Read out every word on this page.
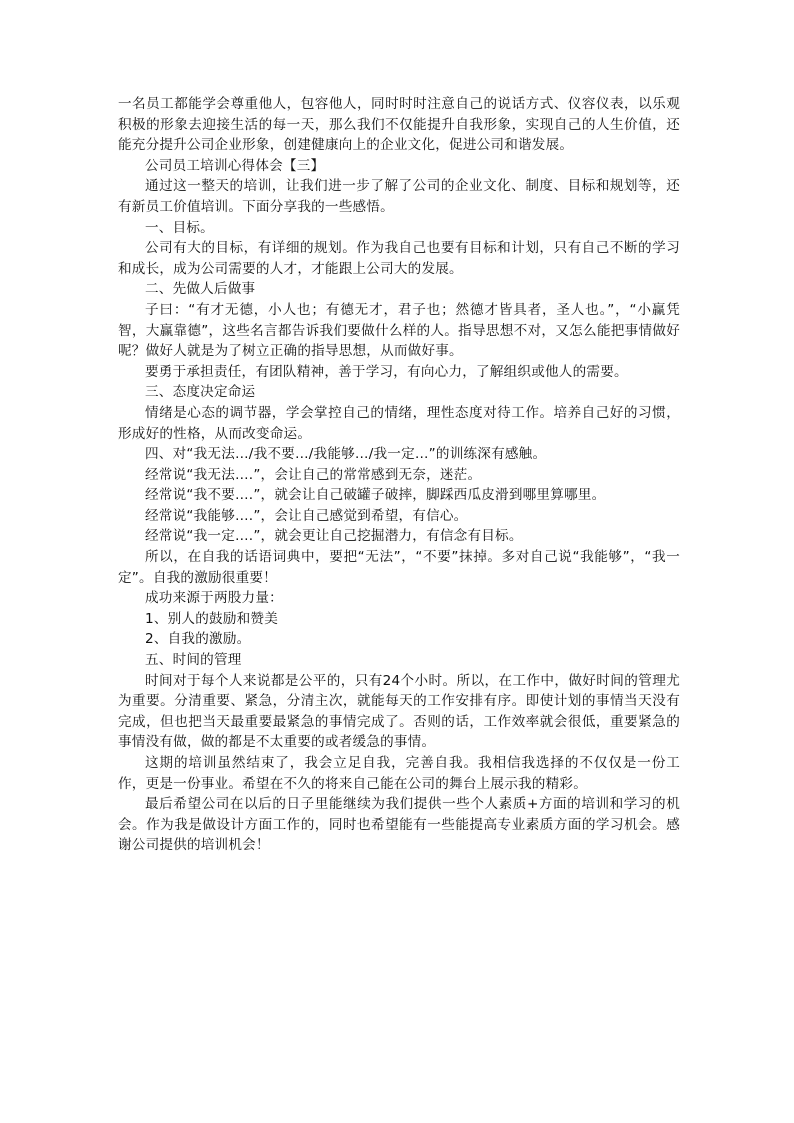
一名员工都能学会尊重他人，包容他人，同时时时注意自己的说话方式、仪容仪表，以乐观积极的形象去迎接生活的每一天，那么我们不仅能提升自我形象，实现自己的人生价值，还能充分提升公司企业形象，创建健康向上的企业文化，促进公司和谐发展。

公司员工培训心得体会【三】

通过这一整天的培训，让我们进一步了解了公司的企业文化、制度、目标和规划等，还有新员工价值培训。下面分享我的一些感悟。

一、目标。

公司有大的目标，有详细的规划。作为我自己也要有目标和计划，只有自己不断的学习和成长，成为公司需要的人才，才能跟上公司大的发展。

二、先做人后做事

子曰：“有才无德，小人也；有德无才，君子也；然德才皆具者，圣人也。”，“小赢凭智，大赢靠德”，这些名言都告诉我们要做什么样的人。指导思想不对，又怎么能把事情做好呢？做好人就是为了树立正确的指导思想，从而做好事。

要勇于承担责任，有团队精神，善于学习，有向心力，了解组织或他人的需要。

三、态度决定命运

情绪是心态的调节器，学会掌控自己的情绪，理性态度对待工作。培养自己好的习惯，形成好的性格，从而改变命运。

四、对“我无法…/我不要…/我能够…/我一定…”的训练深有感触。

经常说“我无法….”，会让自己的常常感到无奈，迷茫。

经常说“我不要….”，就会让自己破罐子破摔，脚踩西瓜皮滑到哪里算哪里。

经常说“我能够….”，会让自己感觉到希望，有信心。

经常说“我一定….”，就会更让自己挖掘潜力，有信念有目标。

所以，在自我的话语词典中，要把“无法”，“不要”抹掉。多对自己说“我能够”，“我一定”。自我的激励很重要！

成功来源于两股力量：

1、别人的鼓励和赞美

2、自我的激励。

五、时间的管理

时间对于每个人来说都是公平的，只有24个小时。所以，在工作中，做好时间的管理尤为重要。分清重要、紧急，分清主次，就能每天的工作安排有序。即使计划的事情当天没有完成，但也把当天最重要最紧急的事情完成了。否则的话，工作效率就会很低，重要紧急的事情没有做，做的都是不太重要的或者缓急的事情。

这期的培训虽然结束了，我会立足自我，完善自我。我相信我选择的不仅仅是一份工作，更是一份事业。希望在不久的将来自己能在公司的舞台上展示我的精彩。

最后希望公司在以后的日子里能继续为我们提供一些个人素质+方面的培训和学习的机会。作为我是做设计方面工作的，同时也希望能有一些能提高专业素质方面的学习机会。感谢公司提供的培训机会！
